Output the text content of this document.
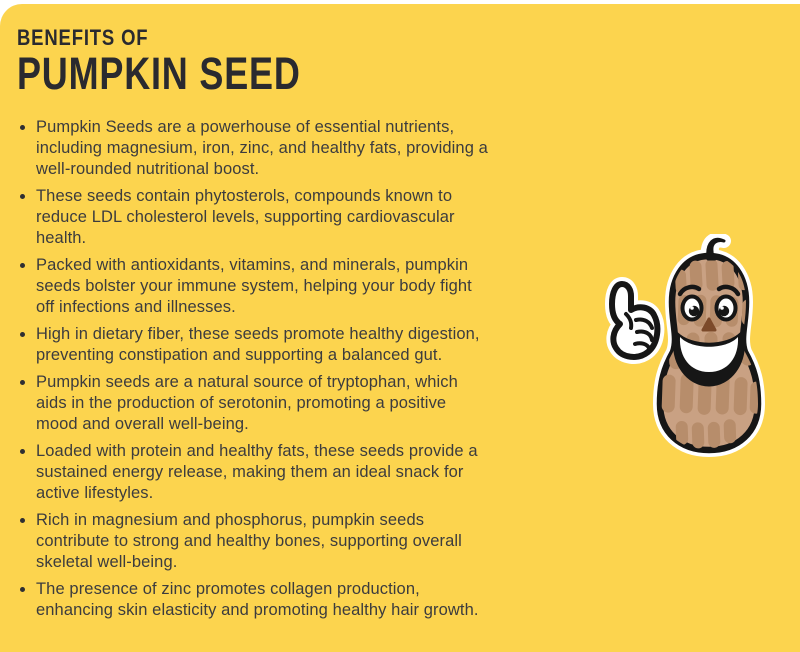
BENEFITS OF
PUMPKIN SEED
Pumpkin Seeds are a powerhouse of essential nutrients,
including magnesium, iron, zinc, and healthy fats, providing a
well-rounded nutritional boost.
These seeds contain phytosterols, compounds known to
reduce LDL cholesterol levels, supporting cardiovascular
health.
Packed with antioxidants, vitamins, and minerals, pumpkin
seeds bolster your immune system, helping your body fight
off infections and illnesses.
High in dietary fiber, these seeds promote healthy digestion,
preventing constipation and supporting a balanced gut.
Pumpkin seeds are a natural source of tryptophan, which
aids in the production of serotonin, promoting a positive
mood and overall well-being.
Loaded with protein and healthy fats, these seeds provide a
sustained energy release, making them an ideal snack for
active lifestyles.
Rich in magnesium and phosphorus, pumpkin seeds
contribute to strong and healthy bones, supporting overall
skeletal well-being.
The presence of zinc promotes collagen production,
enhancing skin elasticity and promoting healthy hair growth.
